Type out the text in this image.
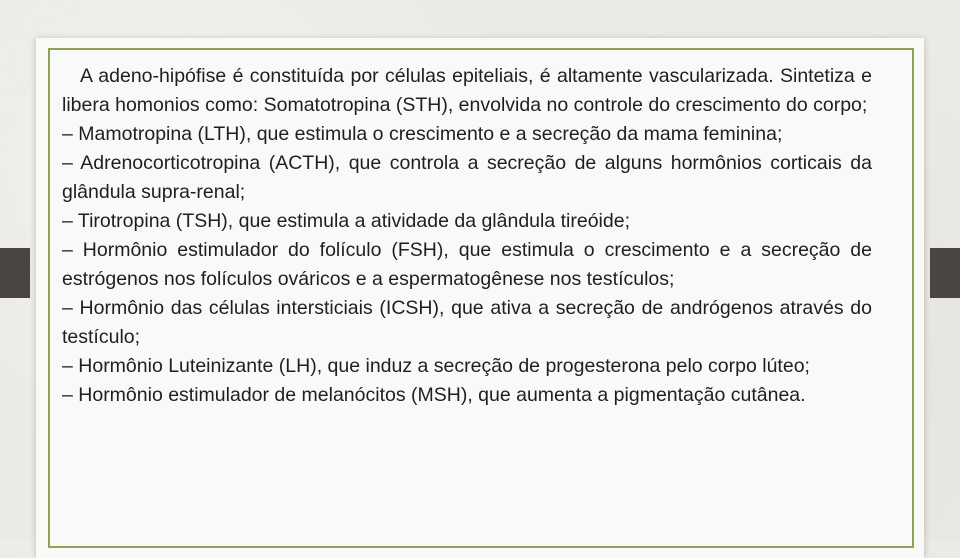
A adeno-hipófise é constituída por células epiteliais, é altamente vascularizada. Sintetiza e libera homonios como: Somatotropina (STH), envolvida no controle do crescimento do corpo;

– Mamotropina (LTH), que estimula o crescimento e a secreção da mama feminina;

– Adrenocorticotropina (ACTH), que controla a secreção de alguns hormônios corticais da glândula supra-renal;

– Tirotropina (TSH), que estimula a atividade da glândula tireóide;

– Hormônio estimulador do folículo (FSH), que estimula o crescimento e a secreção de estrógenos nos folículos ováricos e a espermatogênese nos testículos;

– Hormônio das células intersticiais (ICSH), que ativa a secreção de andrógenos através do testículo;

– Hormônio Luteinizante (LH), que induz a secreção de progesterona pelo corpo lúteo;

– Hormônio estimulador de melanócitos (MSH), que aumenta a pigmentação cutânea.
